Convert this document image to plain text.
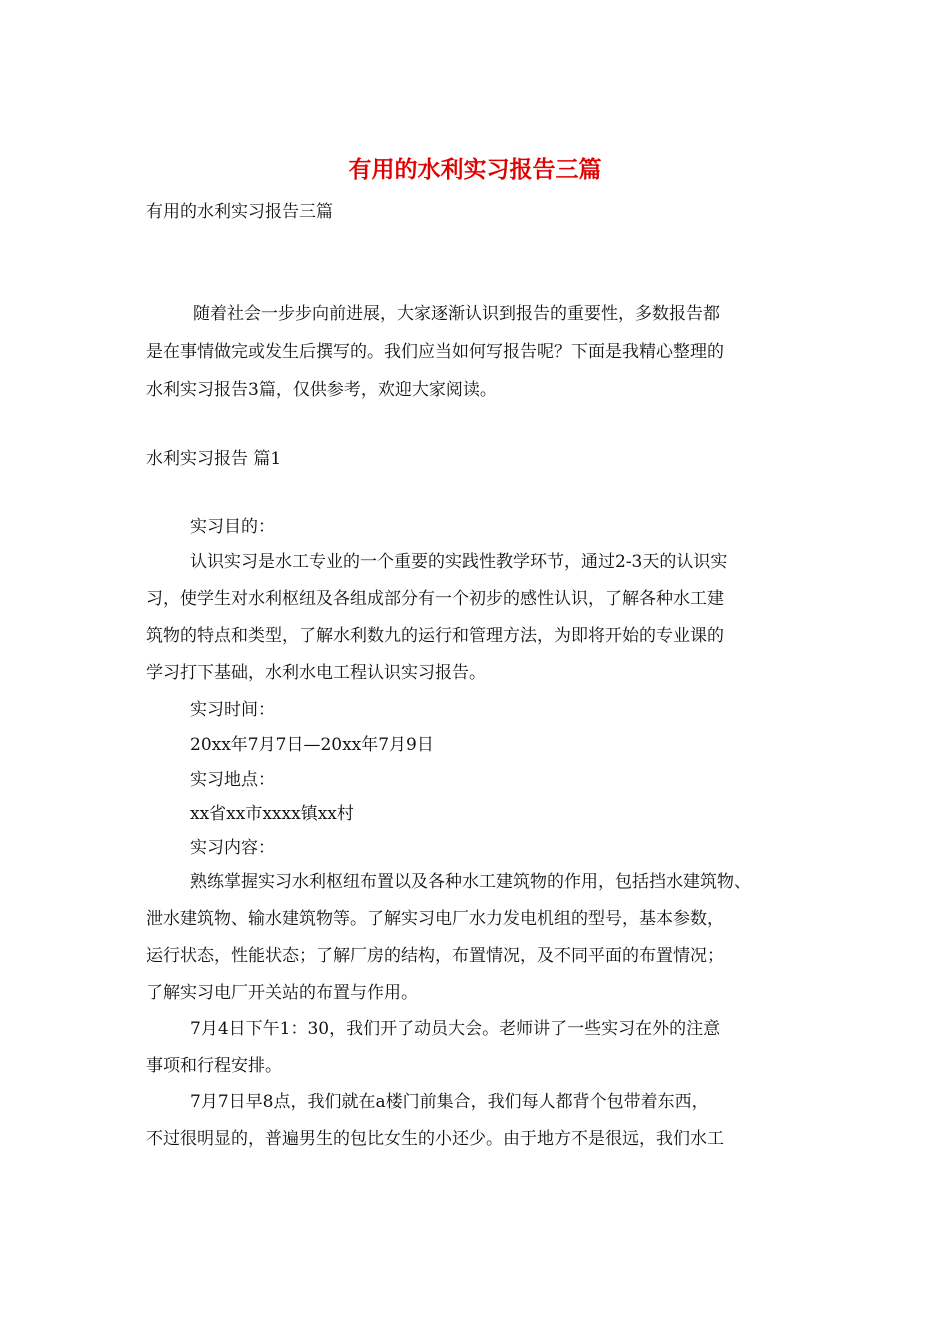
有用的水利实习报告三篇

有用的水利实习报告三篇

随着社会一步步向前进展，大家逐渐认识到报告的重要性，多数报告都

是在事情做完或发生后撰写的。我们应当如何写报告呢？下面是我精心整理的

水利实习报告3篇，仅供参考，欢迎大家阅读。

水利实习报告 篇1

实习目的：

认识实习是水工专业的一个重要的实践性教学环节，通过2-3天的认识实

习，使学生对水利枢纽及各组成部分有一个初步的感性认识，了解各种水工建

筑物的特点和类型，了解水利数九的运行和管理方法，为即将开始的专业课的

学习打下基础，水利水电工程认识实习报告。

实习时间：

20xx年7月7日—20xx年7月9日

实习地点：

xx省xx市xxxx镇xx村

实习内容：

熟练掌握实习水利枢纽布置以及各种水工建筑物的作用，包括挡水建筑物、

泄水建筑物、输水建筑物等。了解实习电厂水力发电机组的型号，基本参数，

运行状态，性能状态；了解厂房的结构，布置情况，及不同平面的布置情况；

了解实习电厂开关站的布置与作用。

7月4日下午1：30，我们开了动员大会。老师讲了一些实习在外的注意

事项和行程安排。

7月7日早8点，我们就在a楼门前集合，我们每人都背个包带着东西，

不过很明显的，普遍男生的包比女生的小还少。由于地方不是很远，我们水工
